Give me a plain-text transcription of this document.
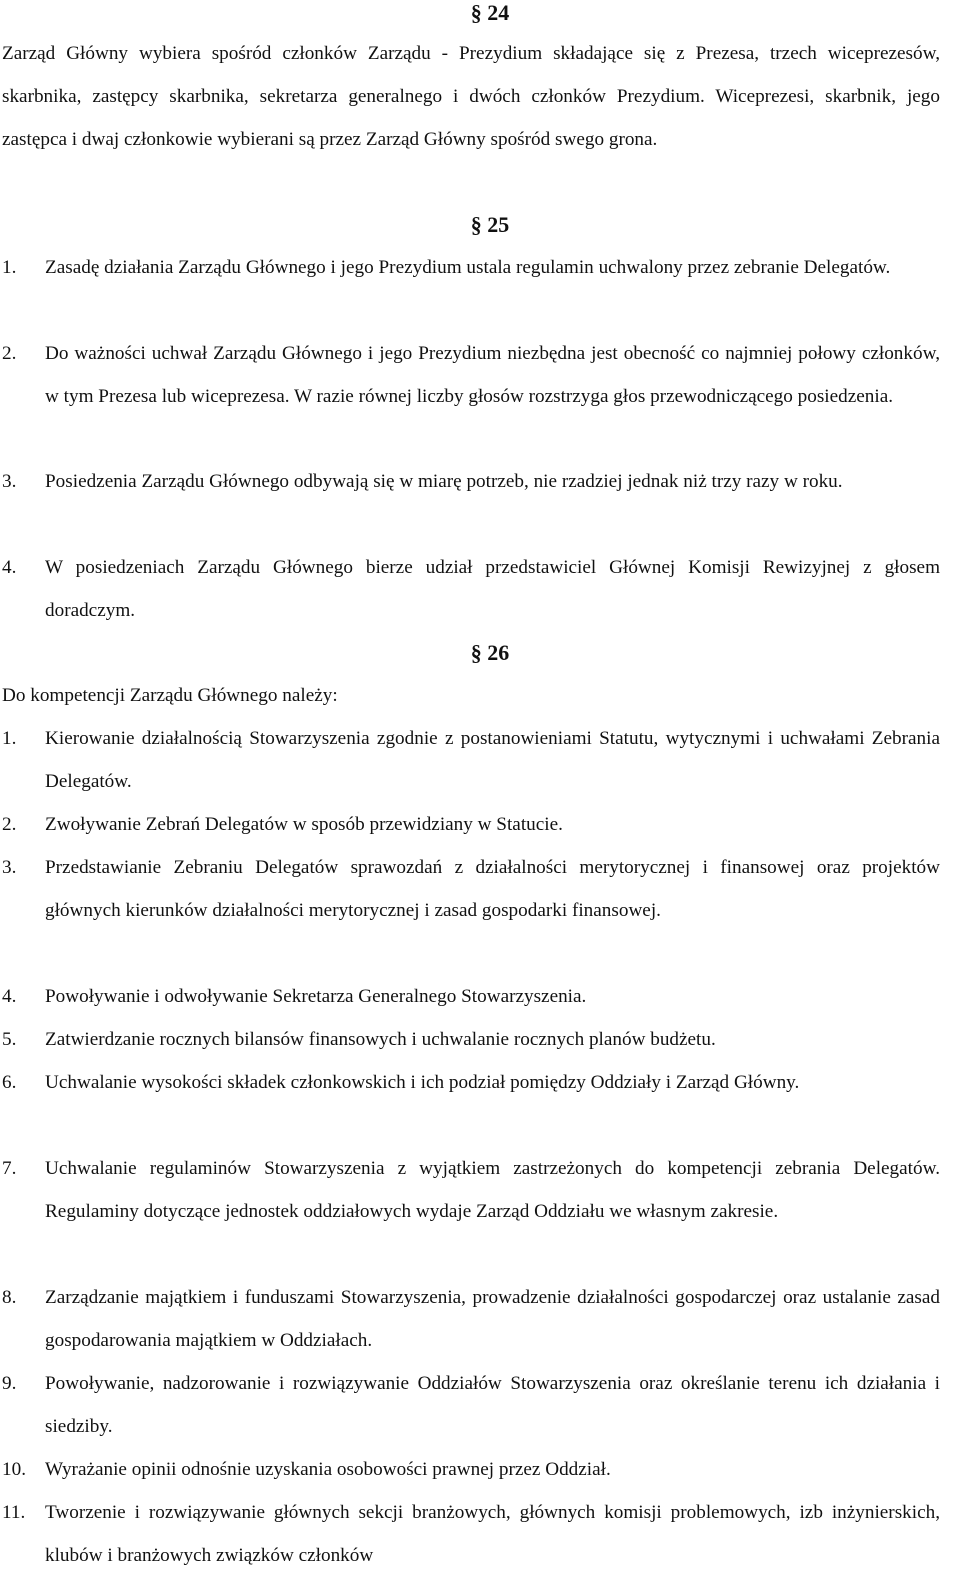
§ 24
Zarząd Główny wybiera spośród członków Zarządu - Prezydium składające się z Prezesa, trzech wiceprezesów, skarbnika, zastępcy skarbnika, sekretarza generalnego i dwóch członków Prezydium. Wiceprezesi, skarbnik, jego zastępca i dwaj członkowie wybierani są przez Zarząd Główny spośród swego grona.
§ 25
1.	Zasadę działania Zarządu Głównego i jego Prezydium ustala regulamin uchwalony przez zebranie Delegatów.
2.	Do ważności uchwał Zarządu Głównego i jego Prezydium niezbędna jest obecność co najmniej połowy członków, w tym Prezesa lub wiceprezesa. W razie równej liczby głosów rozstrzyga głos przewodniczącego posiedzenia.
3.	Posiedzenia Zarządu Głównego odbywają się w miarę potrzeb, nie rzadziej jednak niż trzy razy w roku.
4.	W posiedzeniach Zarządu Głównego bierze udział przedstawiciel Głównej Komisji Rewizyjnej z głosem doradczym.
§ 26
Do kompetencji Zarządu Głównego należy:
1.	Kierowanie działalnością Stowarzyszenia zgodnie z postanowieniami Statutu, wytycznymi i uchwałami Zebrania Delegatów.
2.	Zwoływanie Zebrań Delegatów w sposób przewidziany w Statucie.
3.	Przedstawianie Zebraniu Delegatów sprawozdań z działalności merytorycznej i finansowej oraz projektów głównych kierunków działalności merytorycznej i zasad gospodarki finansowej.
4.	Powoływanie i odwoływanie Sekretarza Generalnego Stowarzyszenia.
5.	Zatwierdzanie rocznych bilansów finansowych i uchwalanie rocznych planów budżetu.
6.	Uchwalanie wysokości składek członkowskich i ich podział pomiędzy Oddziały i Zarząd Główny.
7.	Uchwalanie regulaminów Stowarzyszenia z wyjątkiem zastrzeżonych do kompetencji zebrania Delegatów. Regulaminy dotyczące jednostek oddziałowych wydaje Zarząd Oddziału we własnym zakresie.
8.	Zarządzanie majątkiem i funduszami Stowarzyszenia, prowadzenie działalności gospodarczej oraz ustalanie zasad gospodarowania majątkiem w Oddziałach.
9.	Powoływanie, nadzorowanie i rozwiązywanie Oddziałów Stowarzyszenia oraz określanie terenu ich działania i siedziby.
10. Wyrażanie opinii odnośnie uzyskania osobowości prawnej przez Oddział.
11.	Tworzenie i rozwiązywanie głównych sekcji branżowych, głównych komisji problemowych, izb inżynierskich, klubów i branżowych związków członków
